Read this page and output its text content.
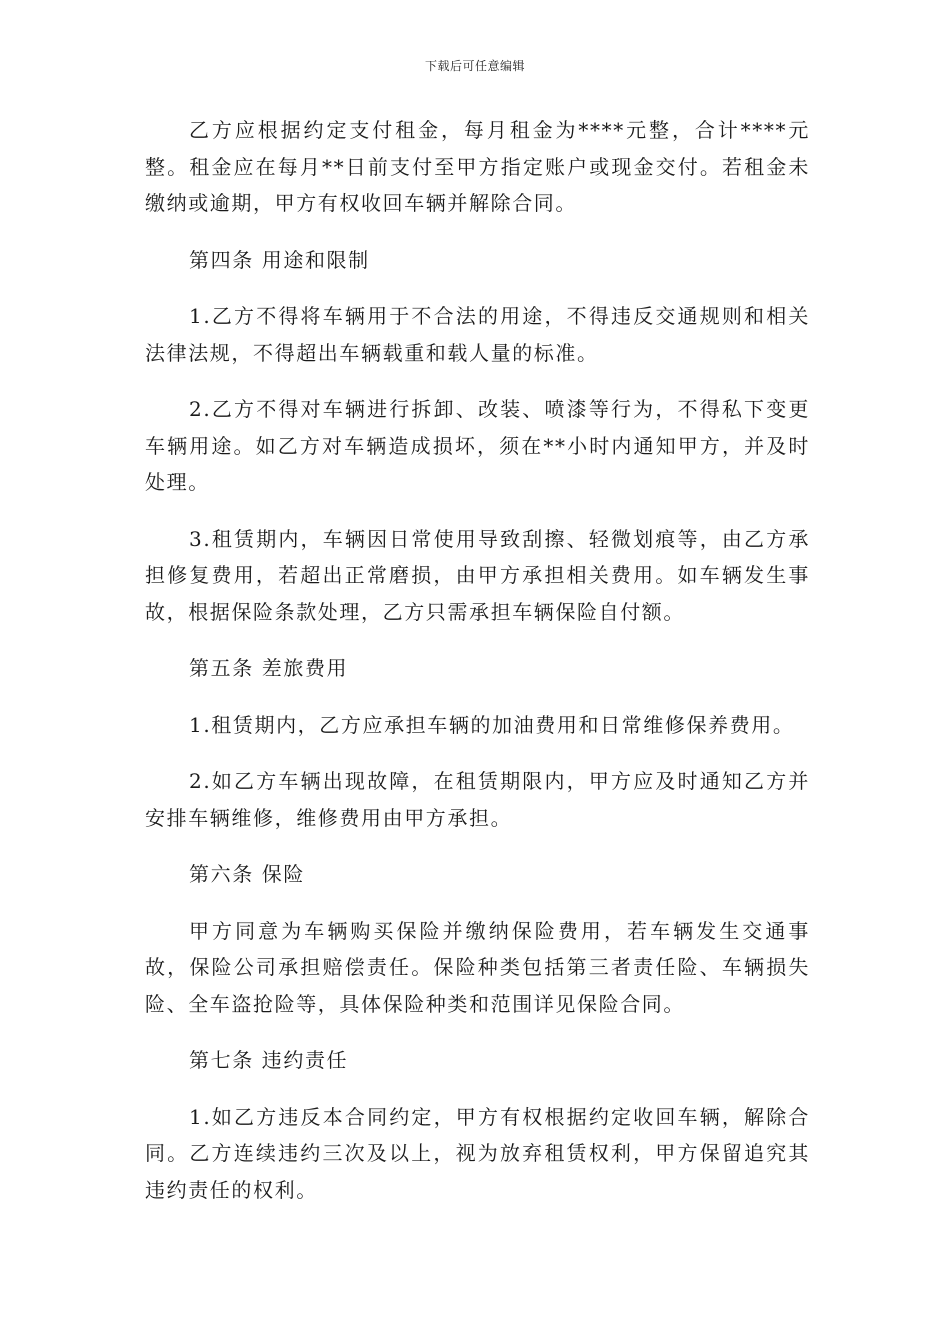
下载后可任意编辑

乙方应根据约定支付租金，每月租金为****元整，合计****元整。租金应在每月**日前支付至甲方指定账户或现金交付。若租金未缴纳或逾期，甲方有权收回车辆并解除合同。

第四条 用途和限制

1.乙方不得将车辆用于不合法的用途，不得违反交通规则和相关法律法规，不得超出车辆载重和载人量的标准。

2.乙方不得对车辆进行拆卸、改装、喷漆等行为，不得私下变更车辆用途。如乙方对车辆造成损坏，须在**小时内通知甲方，并及时处理。

3.租赁期内，车辆因日常使用导致刮擦、轻微划痕等，由乙方承担修复费用，若超出正常磨损，由甲方承担相关费用。如车辆发生事故，根据保险条款处理，乙方只需承担车辆保险自付额。

第五条 差旅费用

1.租赁期内，乙方应承担车辆的加油费用和日常维修保养费用。

2.如乙方车辆出现故障，在租赁期限内，甲方应及时通知乙方并安排车辆维修，维修费用由甲方承担。

第六条 保险

甲方同意为车辆购买保险并缴纳保险费用，若车辆发生交通事故，保险公司承担赔偿责任。保险种类包括第三者责任险、车辆损失险、全车盗抢险等，具体保险种类和范围详见保险合同。

第七条 违约责任

1.如乙方违反本合同约定，甲方有权根据约定收回车辆，解除合同。乙方连续违约三次及以上，视为放弃租赁权利，甲方保留追究其违约责任的权利。
